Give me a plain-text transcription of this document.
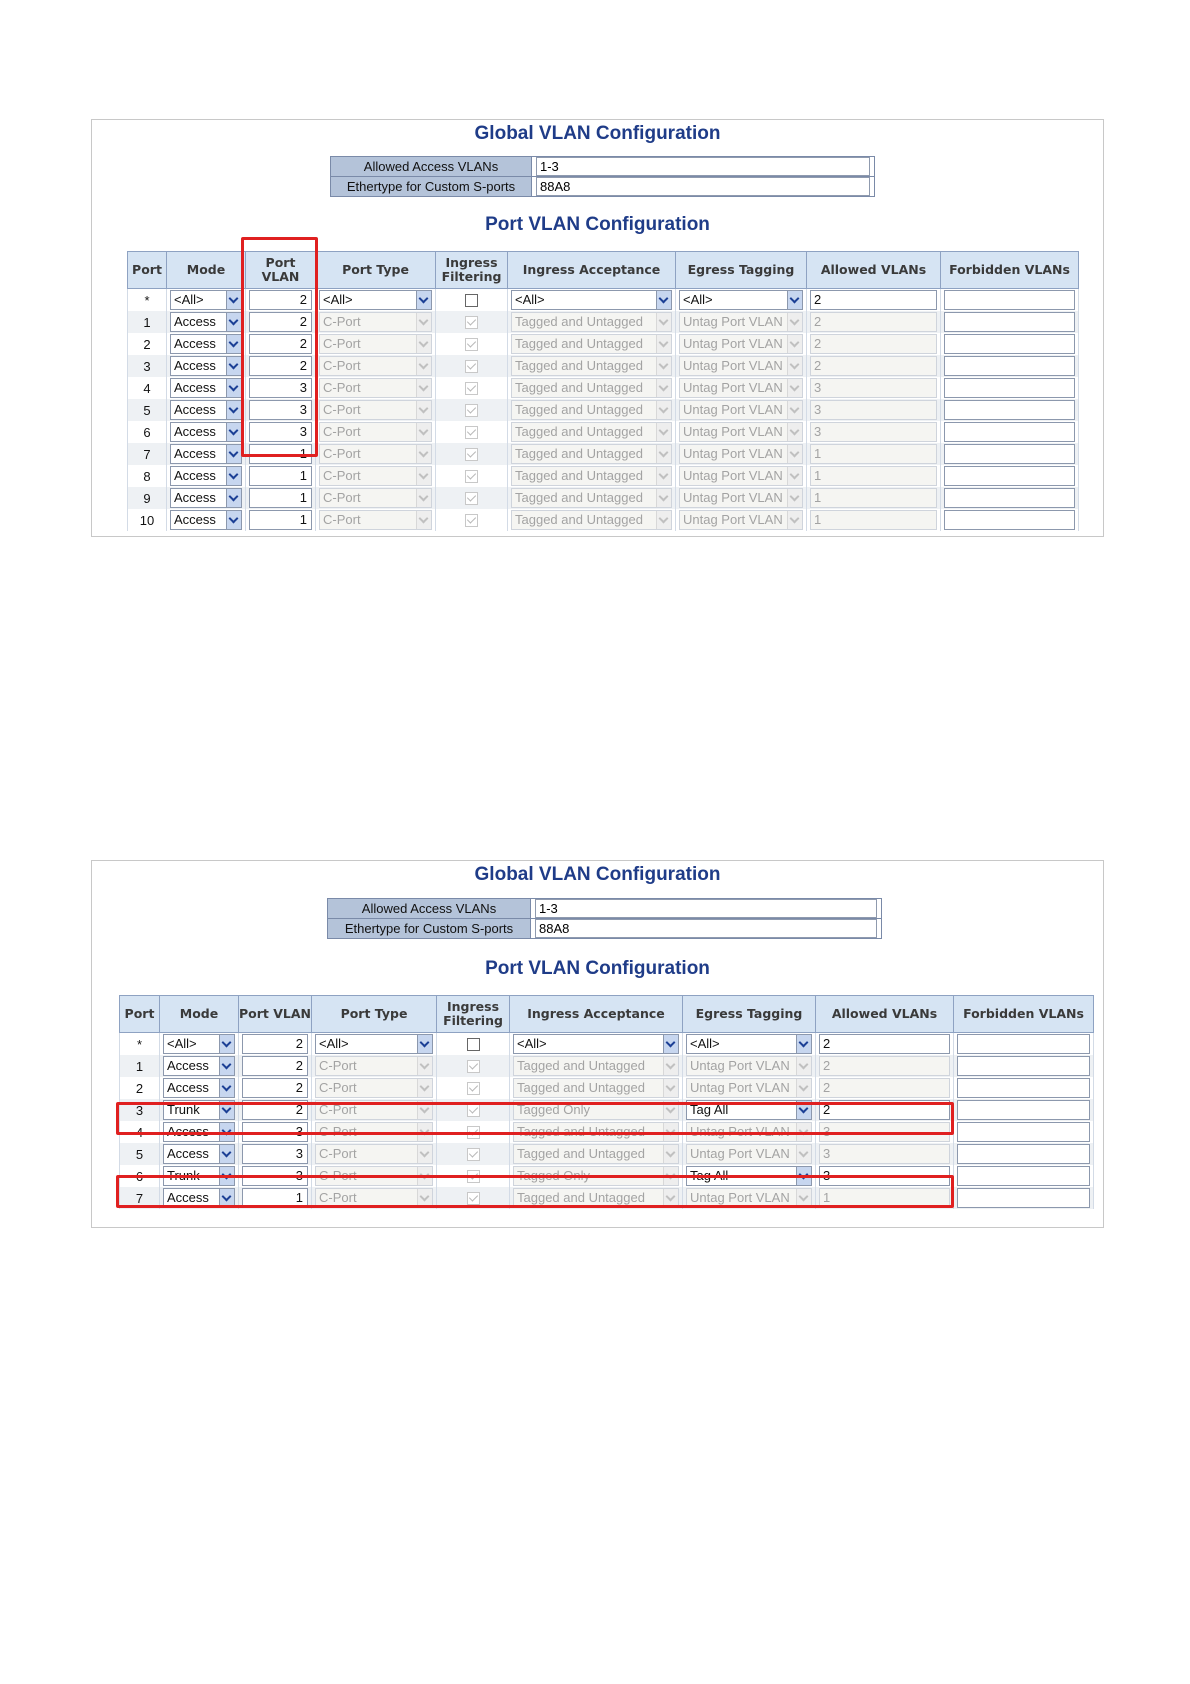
Global VLAN Configuration
Allowed Access VLANs	1-3

Ethertype for Custom S-ports	88A8
Port VLAN Configuration
Port	Mode	Port VLAN	Port Type	Ingress Filtering	Ingress Acceptance	Egress Tagging	Allowed VLANs	Forbidden VLANs
*	<All>	2	<All>		<All>	<All>	2	

1	Access	2	C-Port		Tagged and Untagged	Untag Port VLAN	2	

2	Access	2	C-Port		Tagged and Untagged	Untag Port VLAN	2	

3	Access	2	C-Port		Tagged and Untagged	Untag Port VLAN	2	

4	Access	3	C-Port		Tagged and Untagged	Untag Port VLAN	3	

5	Access	3	C-Port		Tagged and Untagged	Untag Port VLAN	3	

6	Access	3	C-Port		Tagged and Untagged	Untag Port VLAN	3	

7	Access	1	C-Port		Tagged and Untagged	Untag Port VLAN	1	

8	Access	1	C-Port		Tagged and Untagged	Untag Port VLAN	1	

9	Access	1	C-Port		Tagged and Untagged	Untag Port VLAN	1	

10	Access	1	C-Port		Tagged and Untagged	Untag Port VLAN	1	

Global VLAN Configuration
Allowed Access VLANs	1-3

Ethertype for Custom S-ports	88A8
Port VLAN Configuration
Port	Mode	Port VLAN	Port Type	Ingress Filtering	Ingress Acceptance	Egress Tagging	Allowed VLANs	Forbidden VLANs
*	<All>	2	<All>		<All>	<All>	2	

1	Access	2	C-Port		Tagged and Untagged	Untag Port VLAN	2	

2	Access	2	C-Port		Tagged and Untagged	Untag Port VLAN	2	

3	Trunk	2	C-Port		Tagged Only	Tag All	2	

4	Access	3	C-Port		Tagged and Untagged	Untag Port VLAN	3	

5	Access	3	C-Port		Tagged and Untagged	Untag Port VLAN	3	

6	Trunk	3	C-Port		Tagged Only	Tag All	3	

7	Access	1	C-Port		Tagged and Untagged	Untag Port VLAN	1	
